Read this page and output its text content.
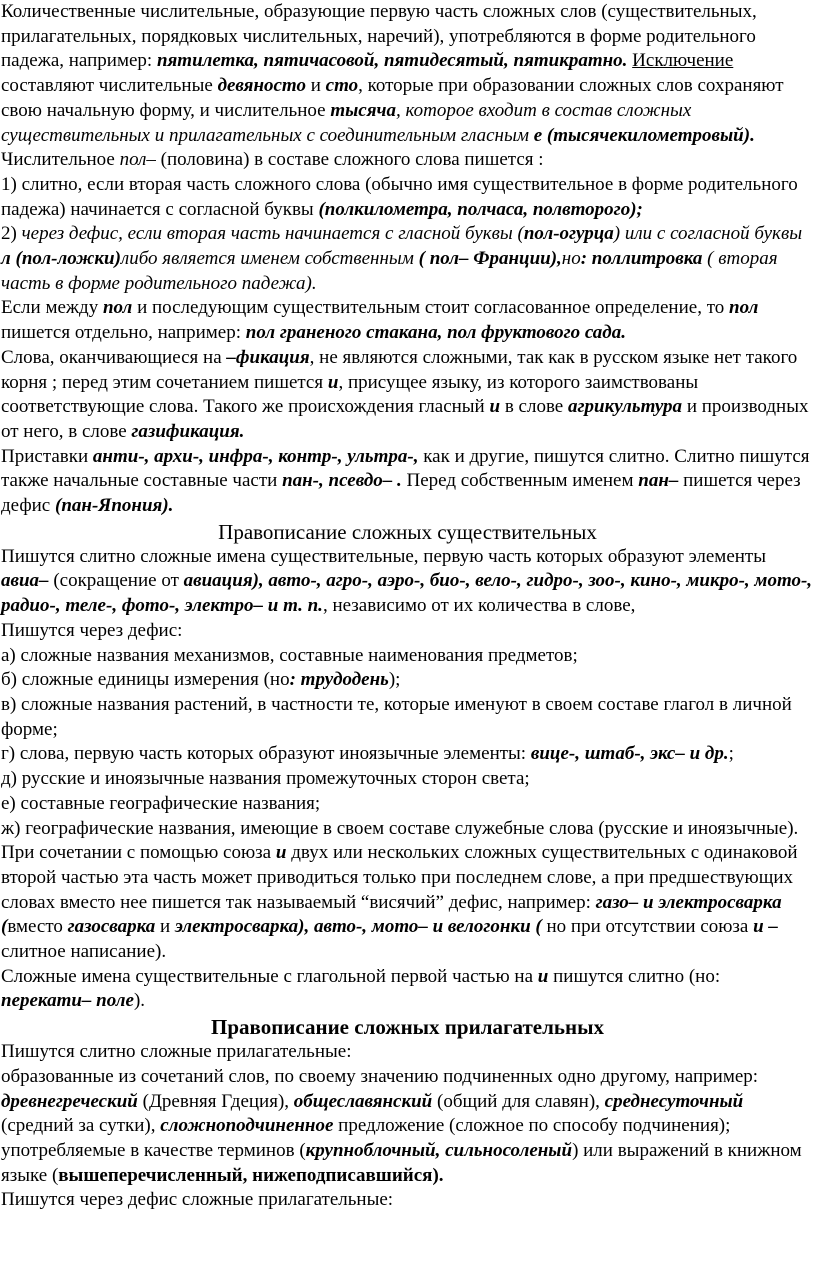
Количественные числительные, образующие первую часть сложных слов (существительных, прилагательных, порядковых числительных, наречий), употребляются в форме родительного падежа, например: пятилетка, пятичасовой, пятидесятый, пятикратно. Исключение составляют числительные девяносто и сто, которые при образовании сложных слов сохраняют свою начальную форму, и числительное тысяча, которое входит в состав сложных существительных и прилагательных с соединительным гласным е (тысячекилометровый).

Числительное пол– (половина) в составе сложного слова пишется :

1) слитно, если вторая часть сложного слова (обычно имя существительное в форме родительного падежа) начинается с согласной буквы (полкилометра, полчаса, полвторого);

2) через дефис, если вторая часть начинается с гласной буквы (пол-огурца) или с согласной буквы л (пол-ложки)либо является именем собственным ( пол– Франции),но: поллитровка ( вторая часть в форме родительного падежа).

Если между пол и последующим существительным стоит согласованное определение, то пол пишется отдельно, например: пол граненого стакана, пол фруктового сада.

Слова, оканчивающиеся на –фикация, не являются сложными, так как в русском языке нет такого корня ; перед этим сочетанием пишется и, присущее языку, из которого заимствованы соответствующие слова. Такого же происхождения гласный и в слове агрикультура и производных от него, в слове газификация.

Приставки анти-, архи-, инфра-, контр-, ультра-, как и другие, пишутся слитно. Слитно пишутся также начальные составные части пан-, псевдо– . Перед собственным именем пан– пишется через дефис (пан-Япония).

Правописание сложных существительных

Пишутся слитно сложные имена существительные, первую часть которых образуют элементы авиа– (сокращение от авиация), авто-, агро-, аэро-, био-, вело-, гидро-, зоо-, кино-, микро-, мото-, радио-, теле-, фото-, электро– и т. п., независимо от их количества в слове,

Пишутся через дефис:

а) сложные названия механизмов, составные наименования предметов;

б) сложные единицы измерения (но: трудодень);

в) сложные названия растений, в частности те, которые именуют в своем составе глагол в личной форме;

г) слова, первую часть которых образуют иноязычные элементы: вице-, штаб-, экс– и др.;

д) русские и иноязычные названия промежуточных сторон света;

е) составные географические названия;

ж) географические названия, имеющие в своем составе служебные слова (русские и иноязычные). При сочетании с помощью союза и двух или нескольких сложных существительных с одинаковой второй частью эта часть может приводиться только при последнем слове, а при предшествующих словах вместо нее пишется так называемый “висячий” дефис, например: газо– и электросварка (вместо газосварка и электросварка), авто-, мото– и велогонки ( но при отсутствии союза и – слитное написание).

Сложные имена существительные с глагольной первой частью на и пишутся слитно (но: перекати– поле).

Правописание сложных прилагательных

Пишутся слитно сложные прилагательные:

образованные из сочетаний слов, по своему значению подчиненных одно другому, например: древнегреческий (Древняя Гдеция), общеславянский (общий для славян), среднесуточный (средний за сутки), сложноподчиненное предложение (сложное по способу подчинения);

употребляемые в качестве терминов (крупноблочный, сильносоленый) или выражений в книжном языке (вышеперечисленный, нижеподписавшийся).

Пишутся через дефис сложные прилагательные:
